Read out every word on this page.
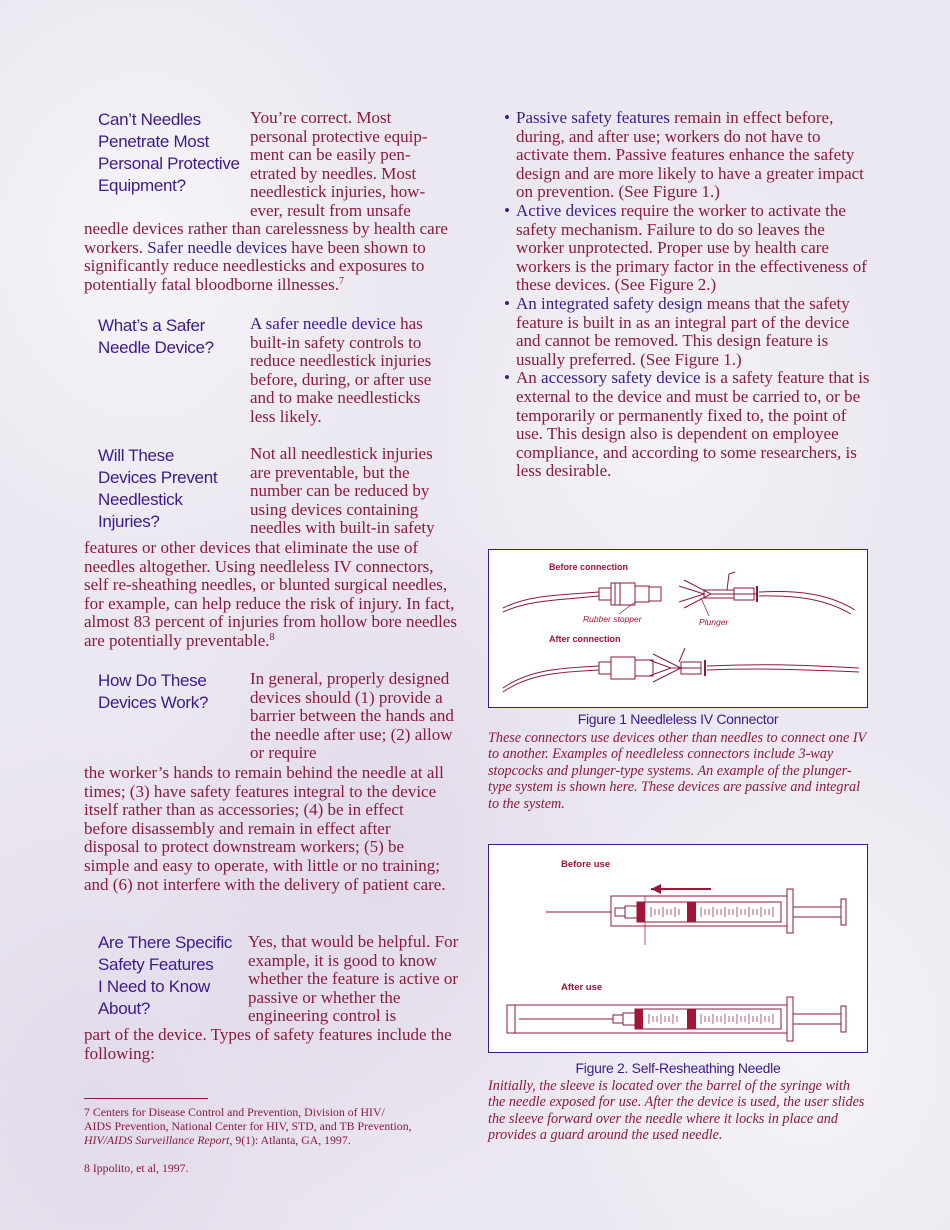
Can’t Needles
Penetrate Most
Personal Protective
Equipment?
You’re correct. Most personal protective equip- ment can be easily pen- etrated by needles. Most needlestick injuries, how- ever, result from unsafe
needle devices rather than carelessness by health care workers. Safer needle devices have been shown to significantly reduce needlesticks and exposures to potentially fatal bloodborne illnesses.$^7$
What’s a Safer
Needle Device?
A safer needle device has built-in safety controls to reduce needlestick injuries before, during, or after use and to make needlesticks less likely.
Will These
Devices Prevent
Needlestick
Injuries?
Not all needlestick injuries are preventable, but the number can be reduced by using devices containing needles with built-in safety
features or other devices that eliminate the use of needles altogether. Using needleless IV connectors, self re-sheathing needles, or blunted surgical needles, for example, can help reduce the risk of injury. In fact, almost 83 percent of injuries from hollow bore needles are potentially preventable.$^8$
How Do These
Devices Work?
In general, properly designed devices should (1) provide a barrier between the hands and the needle after use; (2) allow or require
the worker’s hands to remain behind the needle at all times; (3) have safety features integral to the device itself rather than as accessories; (4) be in effect before disassembly and remain in effect after disposal to protect downstream workers; (5) be simple and easy to operate, with little or no training; and (6) not interfere with the delivery of patient care.
Are There Specific
Safety Features
I Need to Know
About?
Yes, that would be helpful. For example, it is good to know whether the feature is active or passive or whether the engineering control is
part of the device. Types of safety features include the following:
7 Centers for Disease Control and Prevention, Division of HIV/ AIDS Prevention, National Center for HIV, STD, and TB Prevention, HIV/AIDS Surveillance Report, 9(1): Atlanta, GA, 1997.
8 Ippolito, et al, 1997.
• Passive safety features remain in effect before, during, and after use; workers do not have to activate them. Passive features enhance the safety design and are more likely to have a greater impact on prevention. (See Figure 1.)
• Active devices require the worker to activate the safety mechanism. Failure to do so leaves the worker unprotected. Proper use by health care workers is the primary factor in the effectiveness of these devices. (See Figure 2.)
• An integrated safety design means that the safety feature is built in as an integral part of the device and cannot be removed. This design feature is usually preferred. (See Figure 1.)
• An accessory safety device is a safety feature that is external to the device and must be carried to, or be temporarily or permanently fixed to, the point of use. This design also is dependent on employee compliance, and according to some researchers, is less desirable.
Before connection
Rubber stopper	Plunger
After connection
Figure 1 Needleless IV Connector
These connectors use devices other than needles to connect one IV to another. Examples of needleless connectors include 3-way stopcocks and plunger-type systems. An example of the plunger-type system is shown here. These devices are passive and integral to the system.
Before use
After use
Figure 2. Self-Resheathing Needle
Initially, the sleeve is located over the barrel of the syringe with the needle exposed for use. After the device is used, the user slides the sleeve forward over the needle where it locks in place and provides a guard around the used needle.
